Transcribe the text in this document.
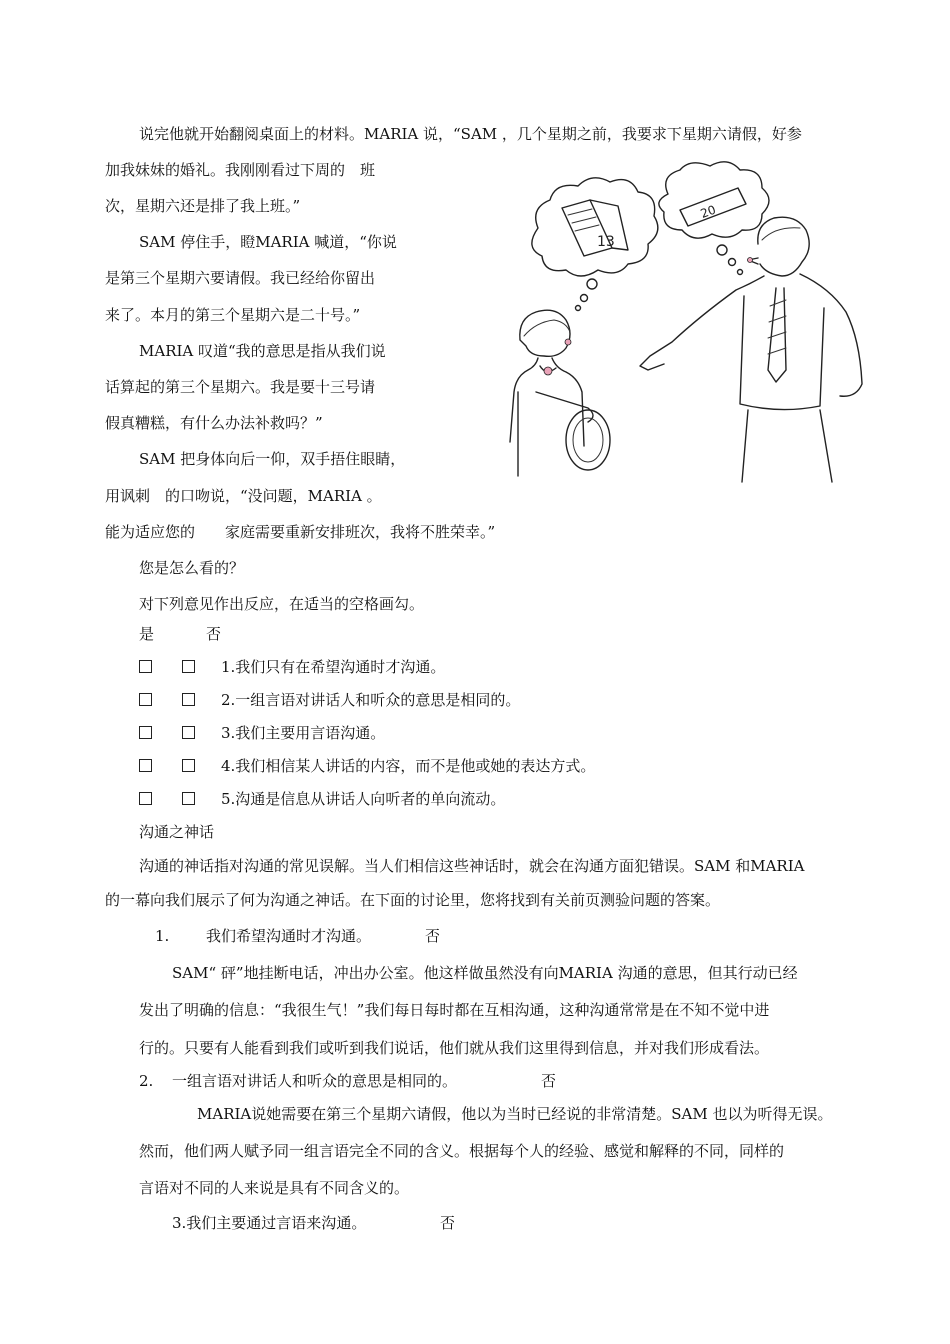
说完他就开始翻阅桌面上的材料。MARIA 说，“SAM ，几个星期之前，我要求下星期六请假，好参
加我妹妹的婚礼。我刚刚看过下周的　班
次，星期六还是排了我上班。”
SAM 停住手，瞪MARIA 喊道，“你说
是第三个星期六要请假。我已经给你留出
来了。本月的第三个星期六是二十号。”
MARIA 叹道“我的意思是指从我们说
话算起的第三个星期六。我是要十三号请
假真糟糕，有什么办法补救吗？”
SAM 把身体向后一仰，双手捂住眼睛，
用讽刺　的口吻说，“没问题，MARIA 。
能为适应您的　　家庭需要重新安排班次，我将不胜荣幸。”
13
20
您是怎么看的？
对下列意见作出反应，在适当的空格画勾。
是	否
1.我们只有在希望沟通时才沟通。
2.一组言语对讲话人和听众的意思是相同的。
3.我们主要用言语沟通。
4.我们相信某人讲话的内容，而不是他或她的表达方式。
5.沟通是信息从讲话人向听者的单向流动。
沟通之神话
沟通的神话指对沟通的常见误解。当人们相信这些神话时，就会在沟通方面犯错误。SAM 和MARIA
的一幕向我们展示了何为沟通之神话。在下面的讨论里，您将找到有关前页测验问题的答案。
1. 我们希望沟通时才沟通。	否
SAM“ 砰”地挂断电话，冲出办公室。他这样做虽然没有向MARIA 沟通的意思，但其行动已经
发出了明确的信息：“我很生气！”我们每日每时都在互相沟通，这种沟通常常是在不知不觉中进
行的。只要有人能看到我们或听到我们说话，他们就从我们这里得到信息，并对我们形成看法。
2. 一组言语对讲话人和听众的意思是相同的。	否
MARIA说她需要在第三个星期六请假，他以为当时已经说的非常清楚。SAM 也以为听得无误。
然而，他们两人赋予同一组言语完全不同的含义。根据每个人的经验、感觉和解释的不同，同样的
言语对不同的人来说是具有不同含义的。
3.我们主要通过言语来沟通。	否
